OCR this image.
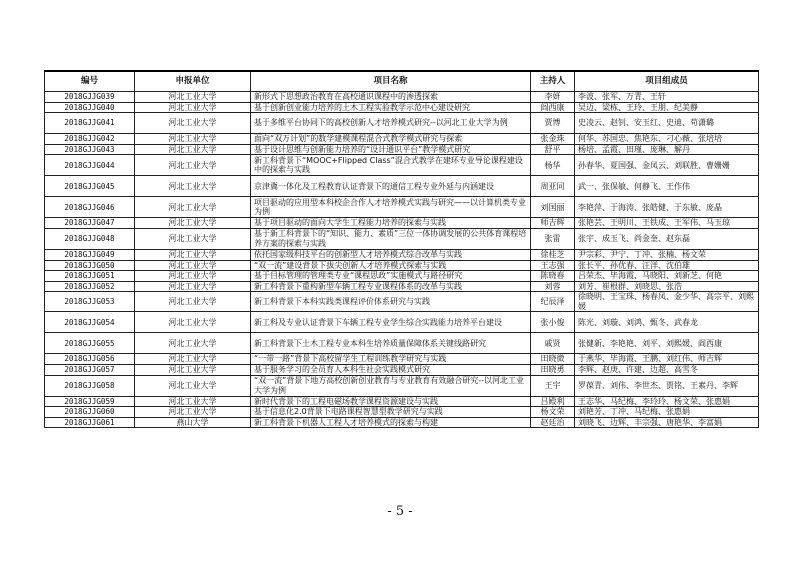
编号	申报单位	项目名称	主持人	项目组成员
2018GJJG039	河北工业大学	新形式下思想政治教育在高校通识课程中的渗透探索	李妍	李波、张军、万青、王轩
2018GJJG040	河北工业大学	基于创新创业能力培养的土木工程实验教学示范中心建设研究	阎西康	吴迈、梁栋、王玲、王朋、纪美静
2018GJJG041	河北工业大学	基于多维平台协同下的高校创新人才培养模式研究--以河北工业大学为例	贾博	史凌云、赵钊、安玉红、史迪、苟潇璐
2018GJJG042	河北工业大学	面向“双万计划”的数学建模课程混合式教学模式研究与探索	张金珠	何华、苏国忠、焦艳东、刁心薇、张培培
2018GJJG043	河北工业大学	基于设计思维与创新能力培养的“设计通识平台”教学模式研究	舒平	杨培、孟霞、田瑾、庞琳、解丹
2018GJJG044	河北工业大学	新工科背景下“MOOC+Flipped Class”混合式教学在建环专业导论课程建设中的探索与实践	杨华	孙春华、夏国强、金凤云、刘联胜、曹姗姗
2018GJJG045	河北工业大学	京津冀一体化及工程教育认证背景下的通信工程专业外延与内涵建设	周亚同	武一、张保敏、何静飞、王作伟
2018GJJG046	河北工业大学	项目驱动的应用型本科校企合作人才培养模式实践与研究——以计算机类专业为例	刘国丽	李艳萍、于海涛、张皓健、于东敏、庞晶
2018GJJG047	河北工业大学	基于项目驱动的面向大学生工程能力培养的探索与实践	师吉辉	张艳芸、王明川、王铁成、王军伟、马玉琼
2018GJJG048	河北工业大学	基于新工科背景下的“知识、能力、素质”三位一体协调发展的公共体育课程培养方案的探索与实践	张雷	张宇、成玉飞、尚金奎、赵东磊
2018GJJG049	河北工业大学	依托国家级科技平台的创新型人才培养模式综合改革与实践	徐桂芝	尹宗彩、尹宁、丁冲、张楠、杨文荣
2018GJJG050	河北工业大学	“双一流”建设背景下拔尖创新人才培养模式探索与实践	王志强	张长平、孙优春、汪洋、沈伯雄
2018GJJG051	河北工业大学	基于目标管理的管理类专业“课程思政”实施模式与路径研究	陈晓春	吕荣杰、毕海霞、马晓阳、刘新芝、何艳
2018GJJG052	河北工业大学	新工科背景下重构新型车辆工程专业课程体系的改革与实践	刘蓉	刘芳、崔根群、刘晓思、张浩
2018GJJG053	河北工业大学	新工科背景下本科实践类课程评价体系研究与实践	纪辰泽	徐晓明、王宝珠、杨春凤、金少华、高宗平、刘熙媛
2018GJJG054	河北工业大学	新工科及专业认证背景下车辆工程专业学生综合实践能力培养平台建设	张小俊	陈光、刘璇、刘鸿、甄冬、武春龙
2018GJJG055	河北工业大学	新工科背景下土木工程专业本科生培养质量保障体系关键线路研究	戚贤	张健新、李艳艳、刘平、刘熙媛、阎西康
2018GJJG056	河北工业大学	“一带一路”背景下高校留学生工程训练教学研究与实践	田晓微	于燕华、毕海霞、王鹏、刘红伟、师吉辉
2018GJJG057	河北工业大学	基于服务学习的全员育人本科生社会实践模式研究	田晓勇	李辉、赵庚、许建、边超、高雪冬
2018GJJG058	河北工业大学	“双一流”背景下地方高校创新创业教育与专业教育有效融合研究--以河北工业大学为例	王宇	罗葆青、刘伟、李世杰、贾铭、王素丹、李辉
2018GJJG059	河北工业大学	新时代背景下的工程电磁场教学课程资源建设与实践	吕殿利	王志华、马纪梅、李玲玲、杨文荣、张惠娟
2018GJJG060	河北工业大学	基于信息化2.0背景下电路课程智慧型教学研究与实践	杨文荣	刘艳芳、丁冲、马纪梅、张惠娟
2018GJJG061	燕山大学	新工科背景下机器人工程人才培养模式的探索与构建	赵廷治	刘晓飞、边辉、丰宗强、唐艳华、李富娟
- 5 -
